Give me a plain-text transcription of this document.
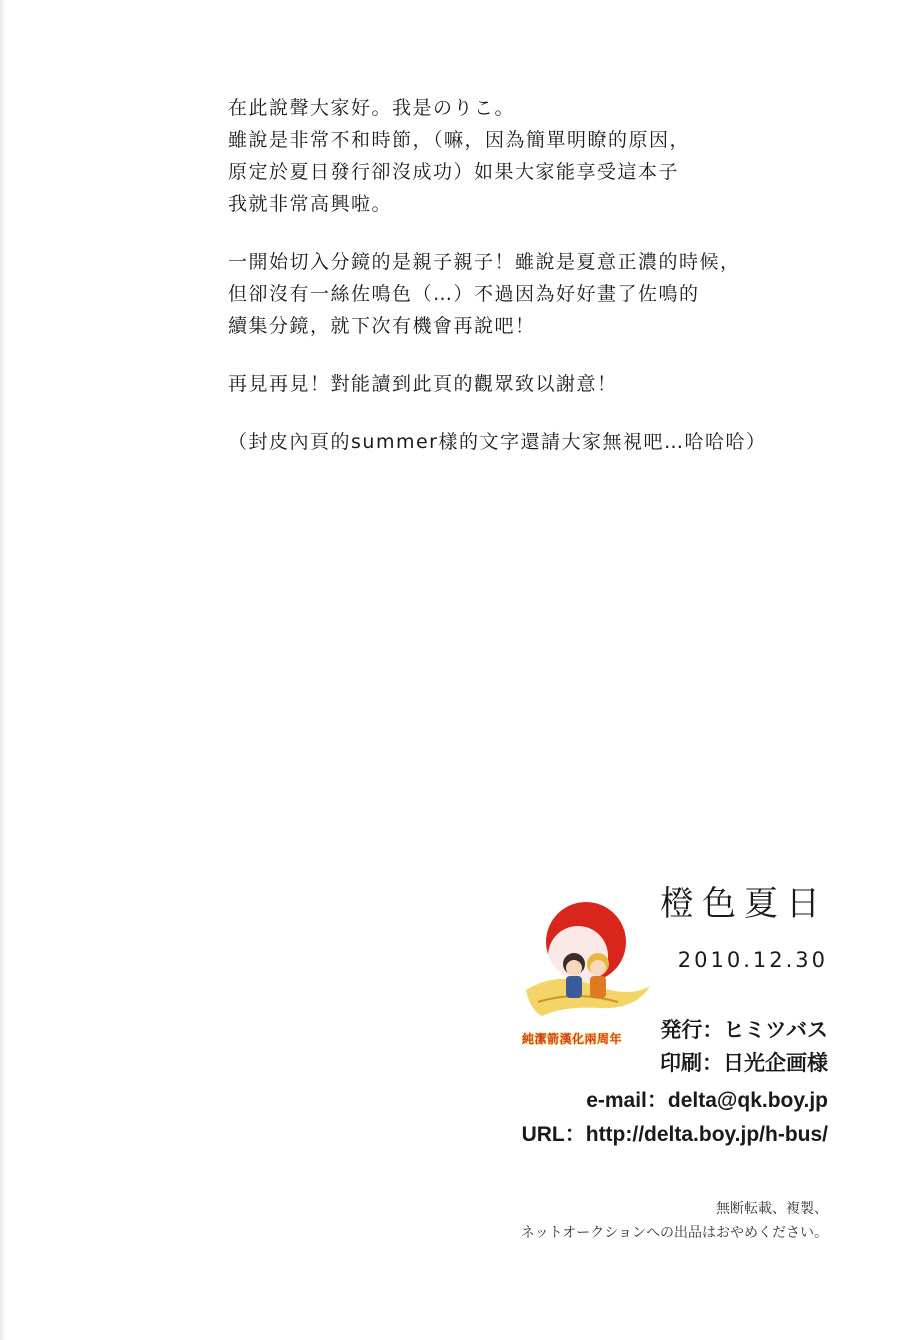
在此說聲大家好。我是のりこ。
雖說是非常不和時節，（嘛，因為簡單明瞭的原因，
原定於夏日發行卻沒成功）如果大家能享受這本子
我就非常高興啦。

一開始切入分鏡的是親子親子！雖說是夏意正濃的時候，
但卻沒有一絲佐鳴色（…）不過因為好好畫了佐鳴的
續集分鏡，就下次有機會再說吧！

再見再見！對能讀到此頁的觀眾致以謝意！

（封皮內頁的summer樣的文字還請大家無視吧…哈哈哈）

純潔箭漢化兩周年
橙色夏日
2010.12.30
発行：ヒミツバス
印刷：日光企画様
e-mail：delta@qk.boy.jp
URL：http://delta.boy.jp/h-bus/
無断転載、複製、
ネットオークションへの出品はおやめください。
